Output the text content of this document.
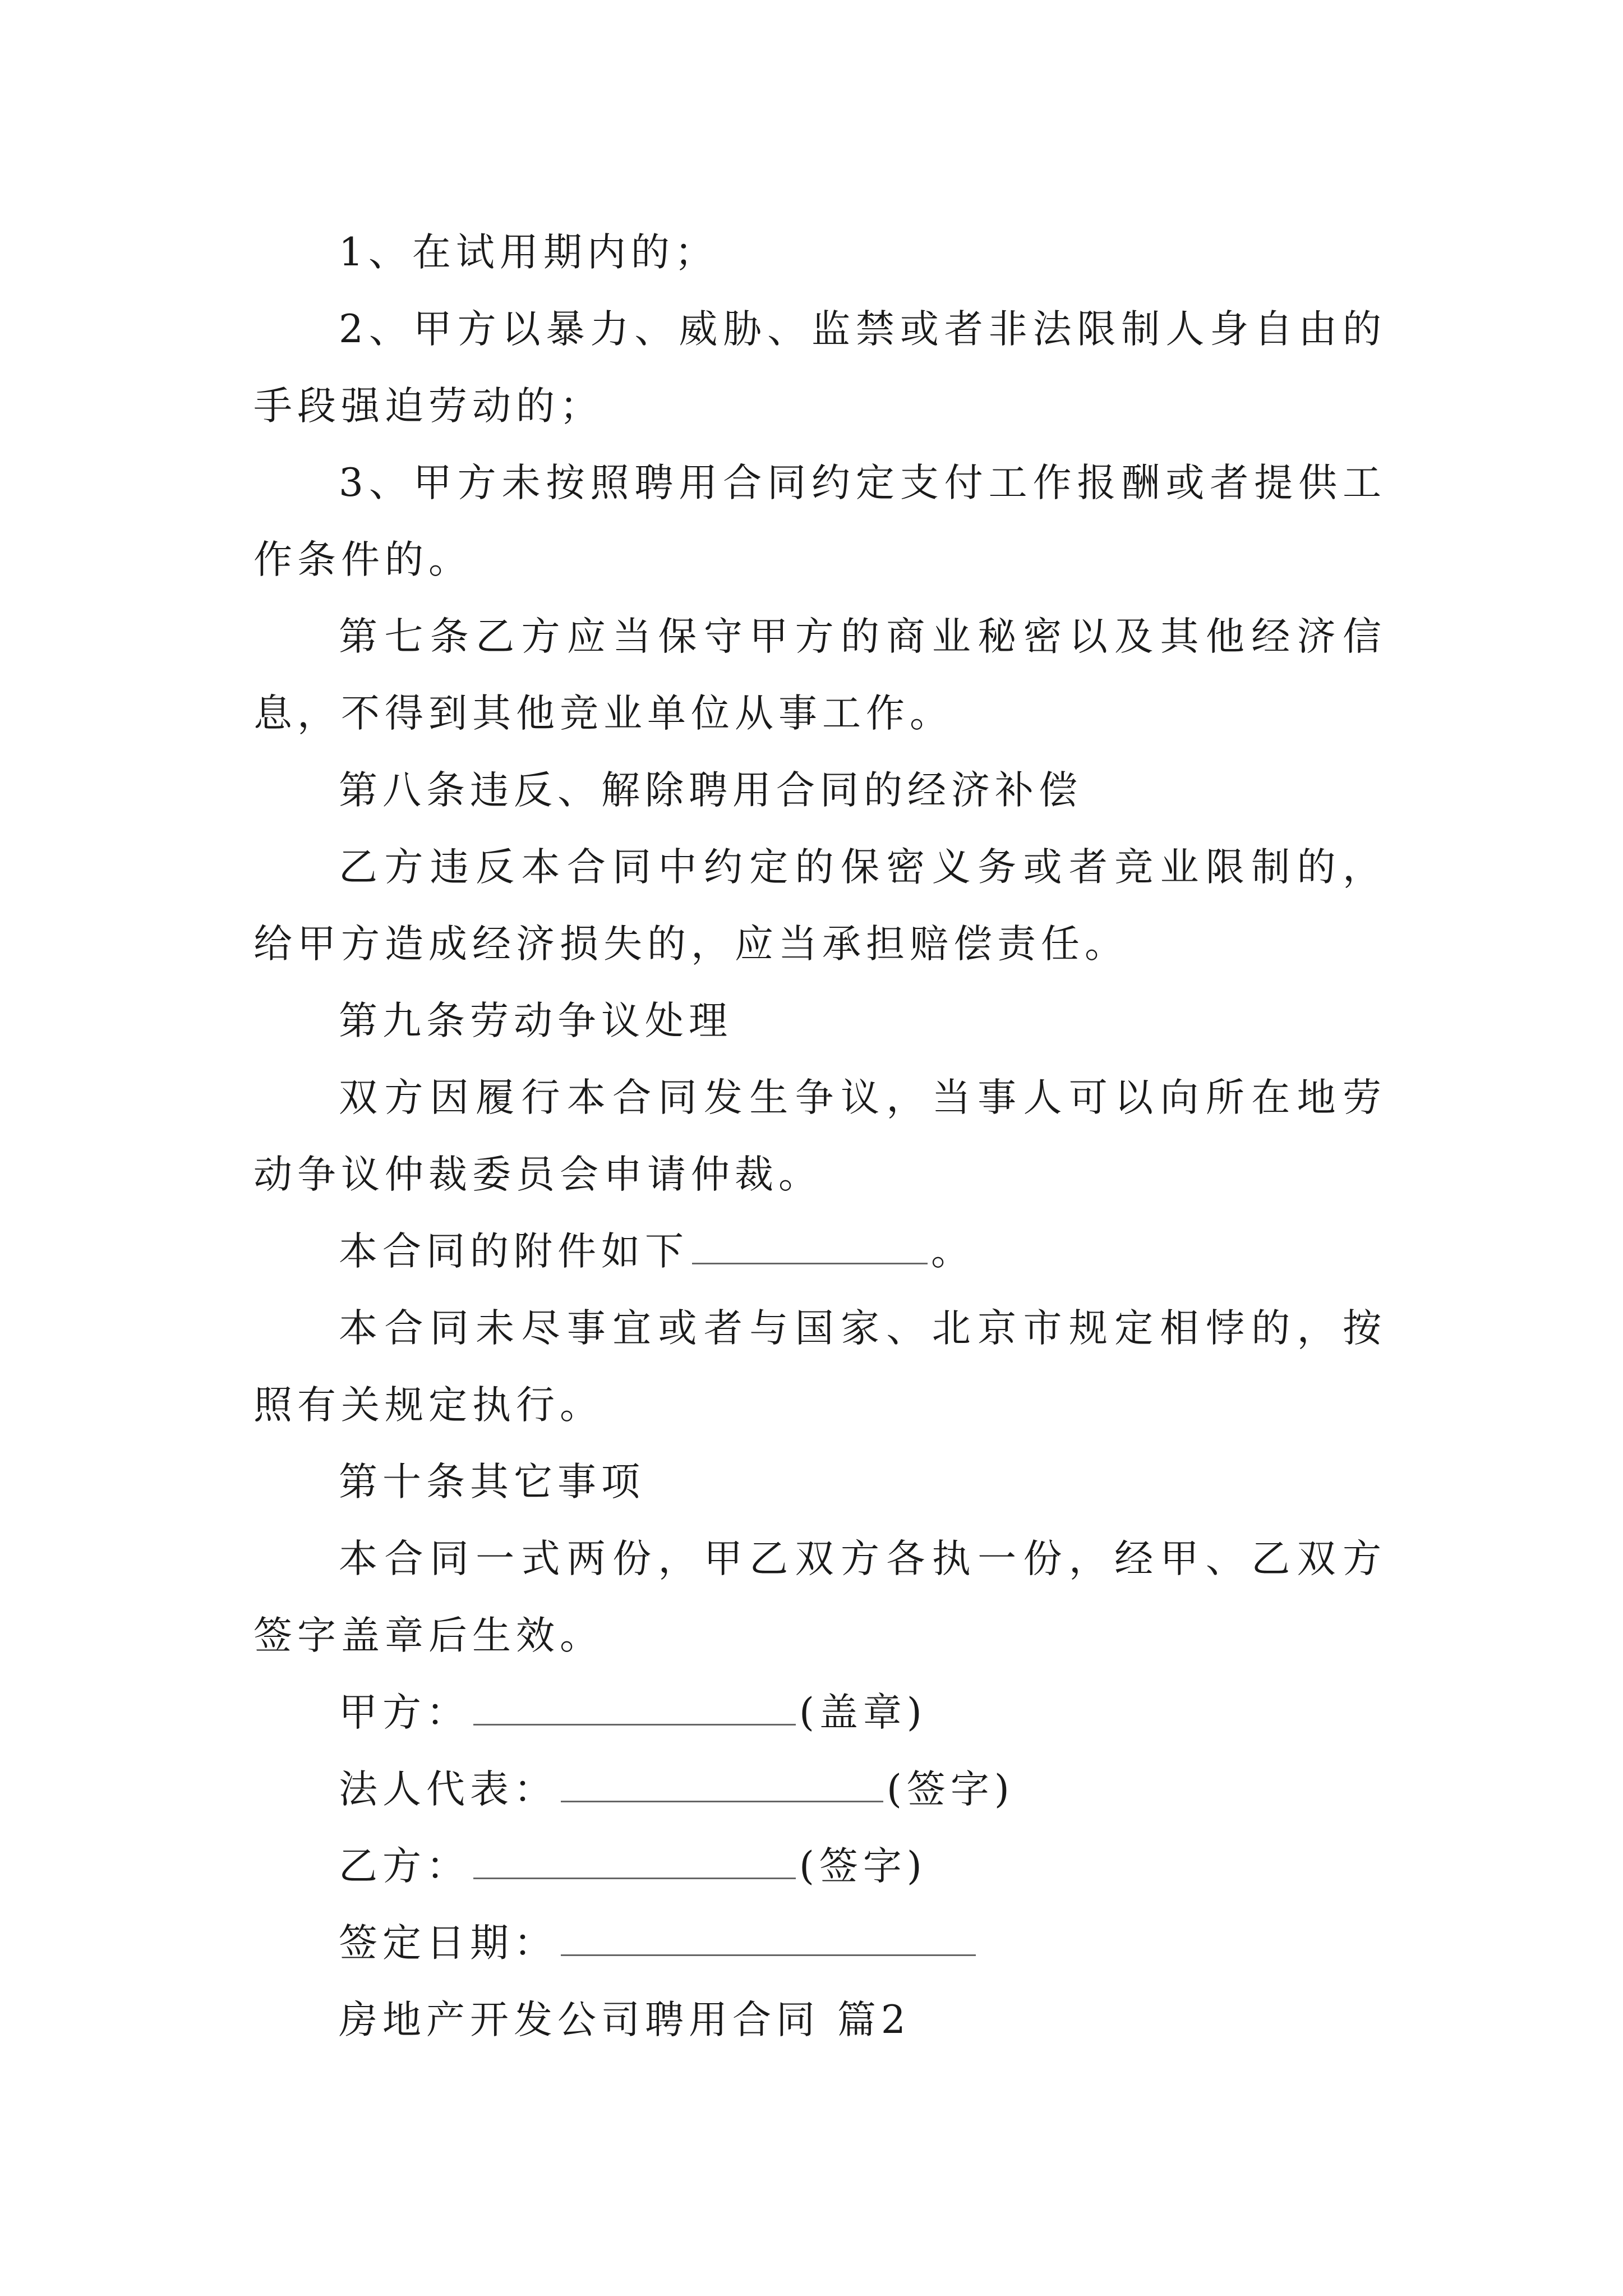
1、在试用期内的；

2、甲方以暴力、威胁、监禁或者非法限制人身自由的手段强迫劳动的；

3、甲方未按照聘用合同约定支付工作报酬或者提供工作条件的。

第七条乙方应当保守甲方的商业秘密以及其他经济信息，不得到其他竞业单位从事工作。

第八条违反、解除聘用合同的经济补偿

乙方违反本合同中约定的保密义务或者竞业限制的，给甲方造成经济损失的，应当承担赔偿责任。

第九条劳动争议处理

双方因履行本合同发生争议，当事人可以向所在地劳动争议仲裁委员会申请仲裁。

本合同的附件如下	。

本合同未尽事宜或者与国家、北京市规定相悖的，按照有关规定执行。

第十条其它事项

本合同一式两份，甲乙双方各执一份，经甲、乙双方签字盖章后生效。

甲方：	(盖章)

法人代表：	(签字)

乙方：	(签字)

签定日期：

房地产开发公司聘用合同 篇2
